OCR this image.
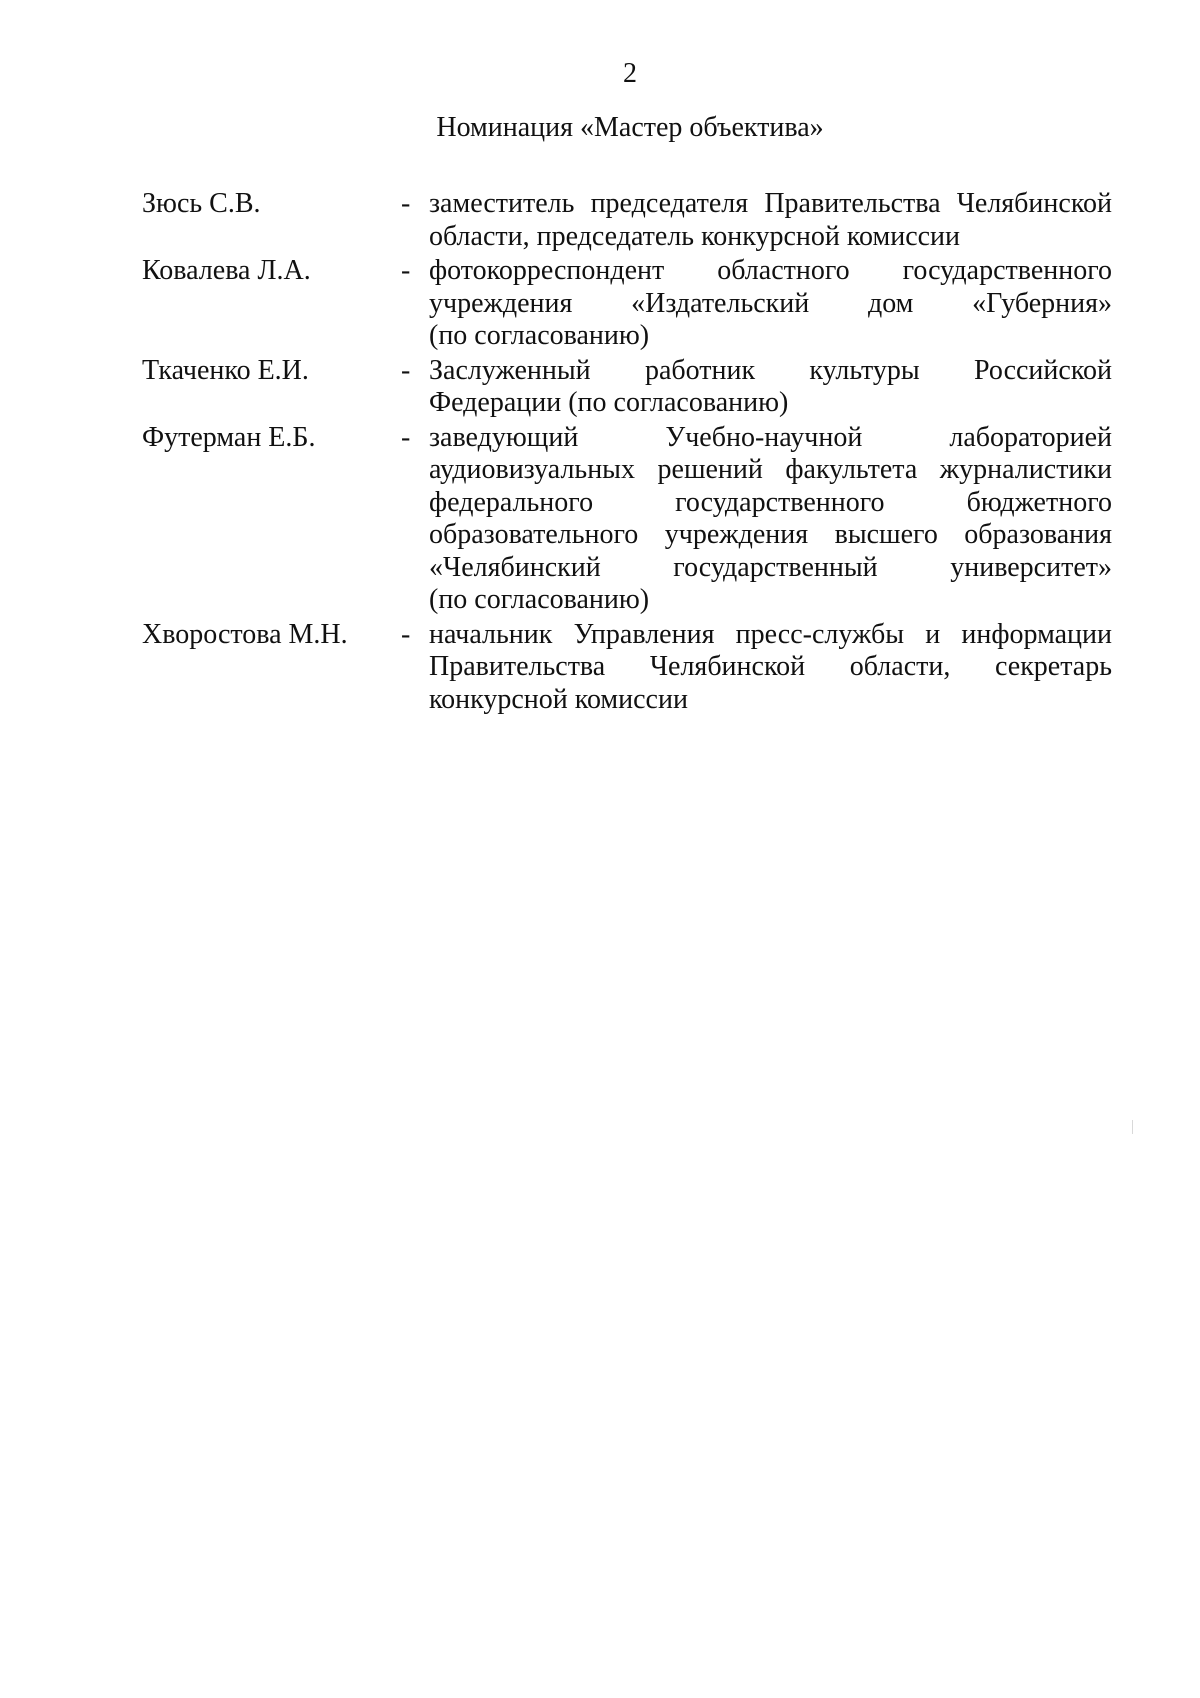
2
Номинация «Мастер объектива»
Зюсь С.В.	- заместитель председателя Правительства Челябинской
области, председатель конкурсной комиссии
Ковалева Л.А.	- фотокорреспондент областного государственного
учреждения «Издательский дом «Губерния»
(по согласованию)
Ткаченко Е.И.	- Заслуженный работник культуры Российской
Федерации (по согласованию)
Футерман Е.Б.	- заведующий Учебно-научной лабораторией
аудиовизуальных решений факультета журналистики
федерального государственного бюджетного
образовательного учреждения высшего образования
«Челябинский государственный университет»
(по согласованию)
Хворостова М.Н. - начальник Управления пресс-службы и информации
Правительства Челябинской области, секретарь
конкурсной комиссии
